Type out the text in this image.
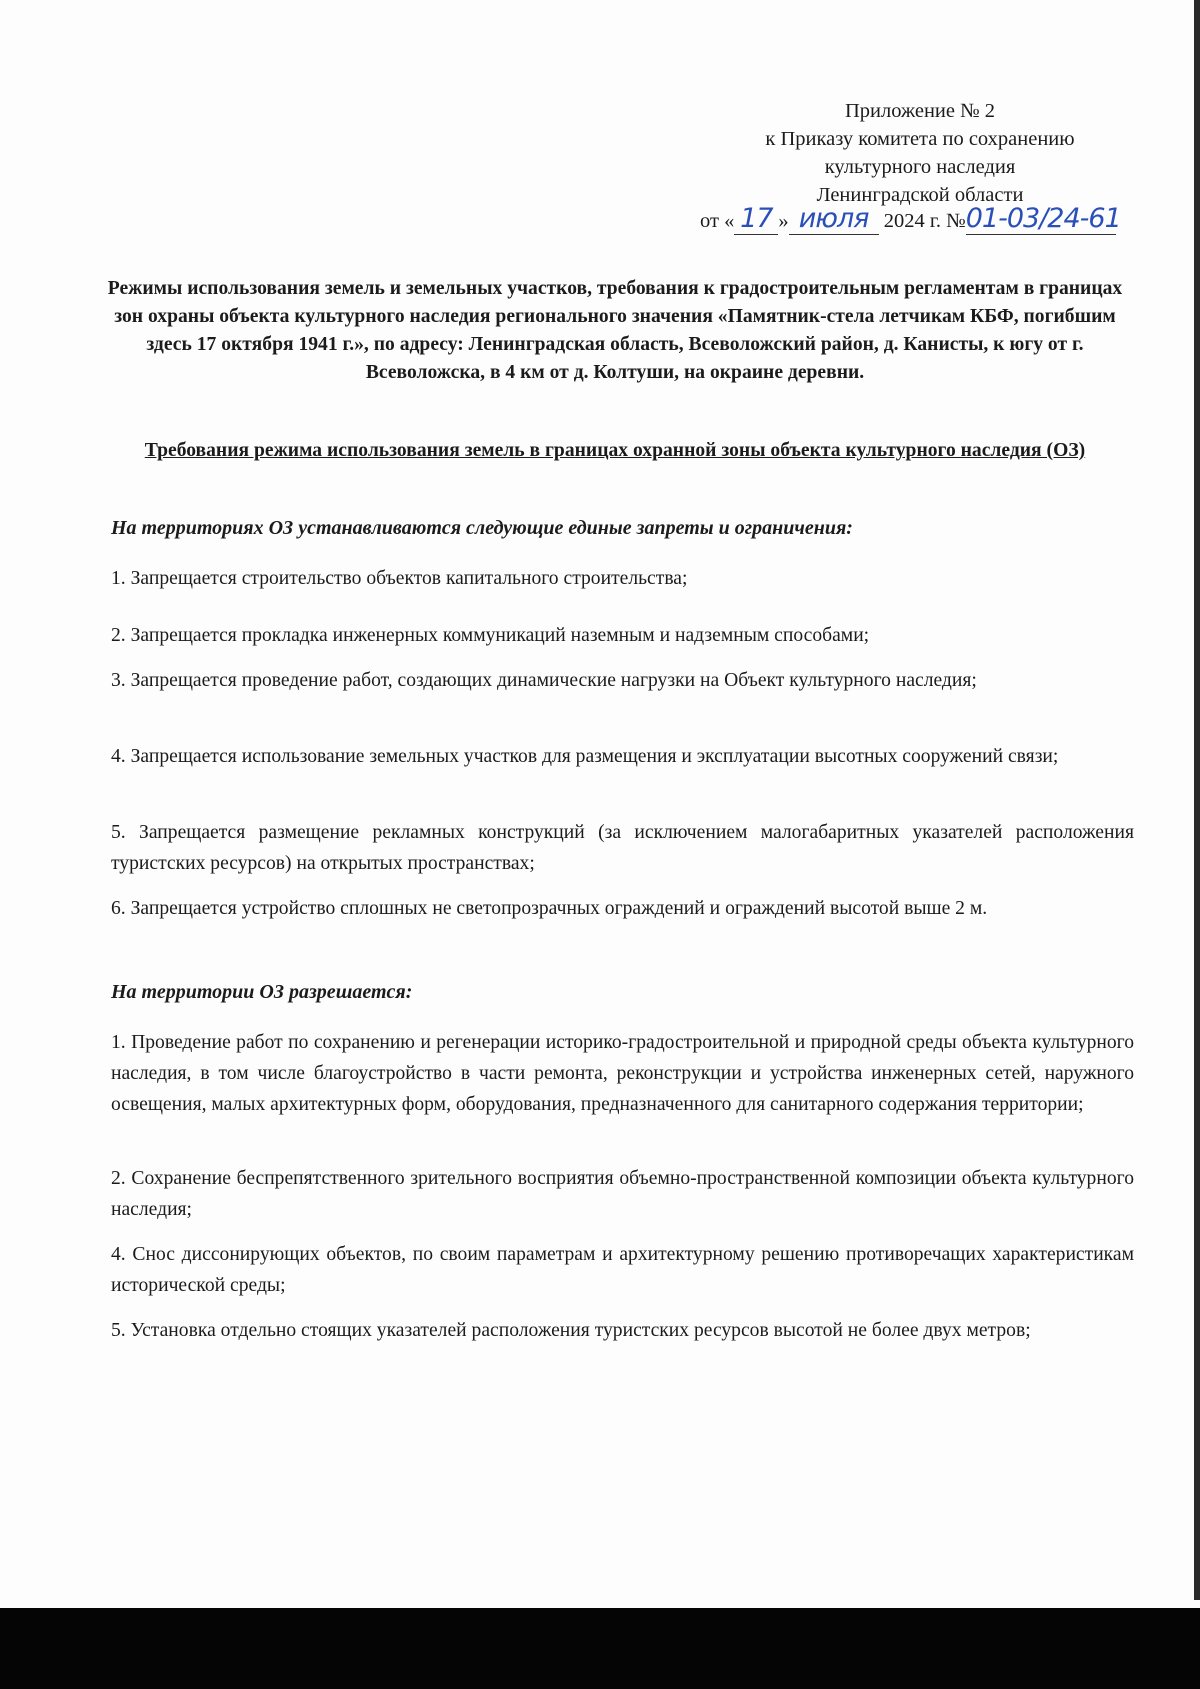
Приложение № 2
к Приказу комитета по сохранению
культурного наследия
Ленинградской области
от « 17 » июля 2024 г. №01-03/24-61
Режимы использования земель и земельных участков, требования к градостроительным регламентам в границах зон охраны объекта культурного наследия регионального значения «Памятник-стела летчикам КБФ, погибшим здесь 17 октября 1941 г.», по адресу: Ленинградская область, Всеволожский район, д. Канисты, к югу от г. Всеволожска, в 4 км от д. Колтуши, на окраине деревни.
Требования режима использования земель в границах охранной зоны объекта культурного наследия (ОЗ)
На территориях ОЗ устанавливаются следующие единые запреты и ограничения:
1. Запрещается строительство объектов капитального строительства;
2. Запрещается прокладка инженерных коммуникаций наземным и надземным способами;
3. Запрещается проведение работ, создающих динамические нагрузки на Объект культурного наследия;
4. Запрещается использование земельных участков для размещения и эксплуатации высотных сооружений связи;
5. Запрещается размещение рекламных конструкций (за исключением малогабаритных указателей расположения туристских ресурсов) на открытых пространствах;
6. Запрещается устройство сплошных не светопрозрачных ограждений и ограждений высотой выше 2 м.
На территории ОЗ разрешается:
1. Проведение работ по сохранению и регенерации историко-градостроительной и природной среды объекта культурного наследия, в том числе благоустройство в части ремонта, реконструкции и устройства инженерных сетей, наружного освещения, малых архитектурных форм, оборудования, предназначенного для санитарного содержания территории;
2. Сохранение беспрепятственного зрительного восприятия объемно-пространственной композиции объекта культурного наследия;
4. Снос диссонирующих объектов, по своим параметрам и архитектурному решению противоречащих характеристикам исторической среды;
5. Установка отдельно стоящих указателей расположения туристских ресурсов высотой не более двух метров;
